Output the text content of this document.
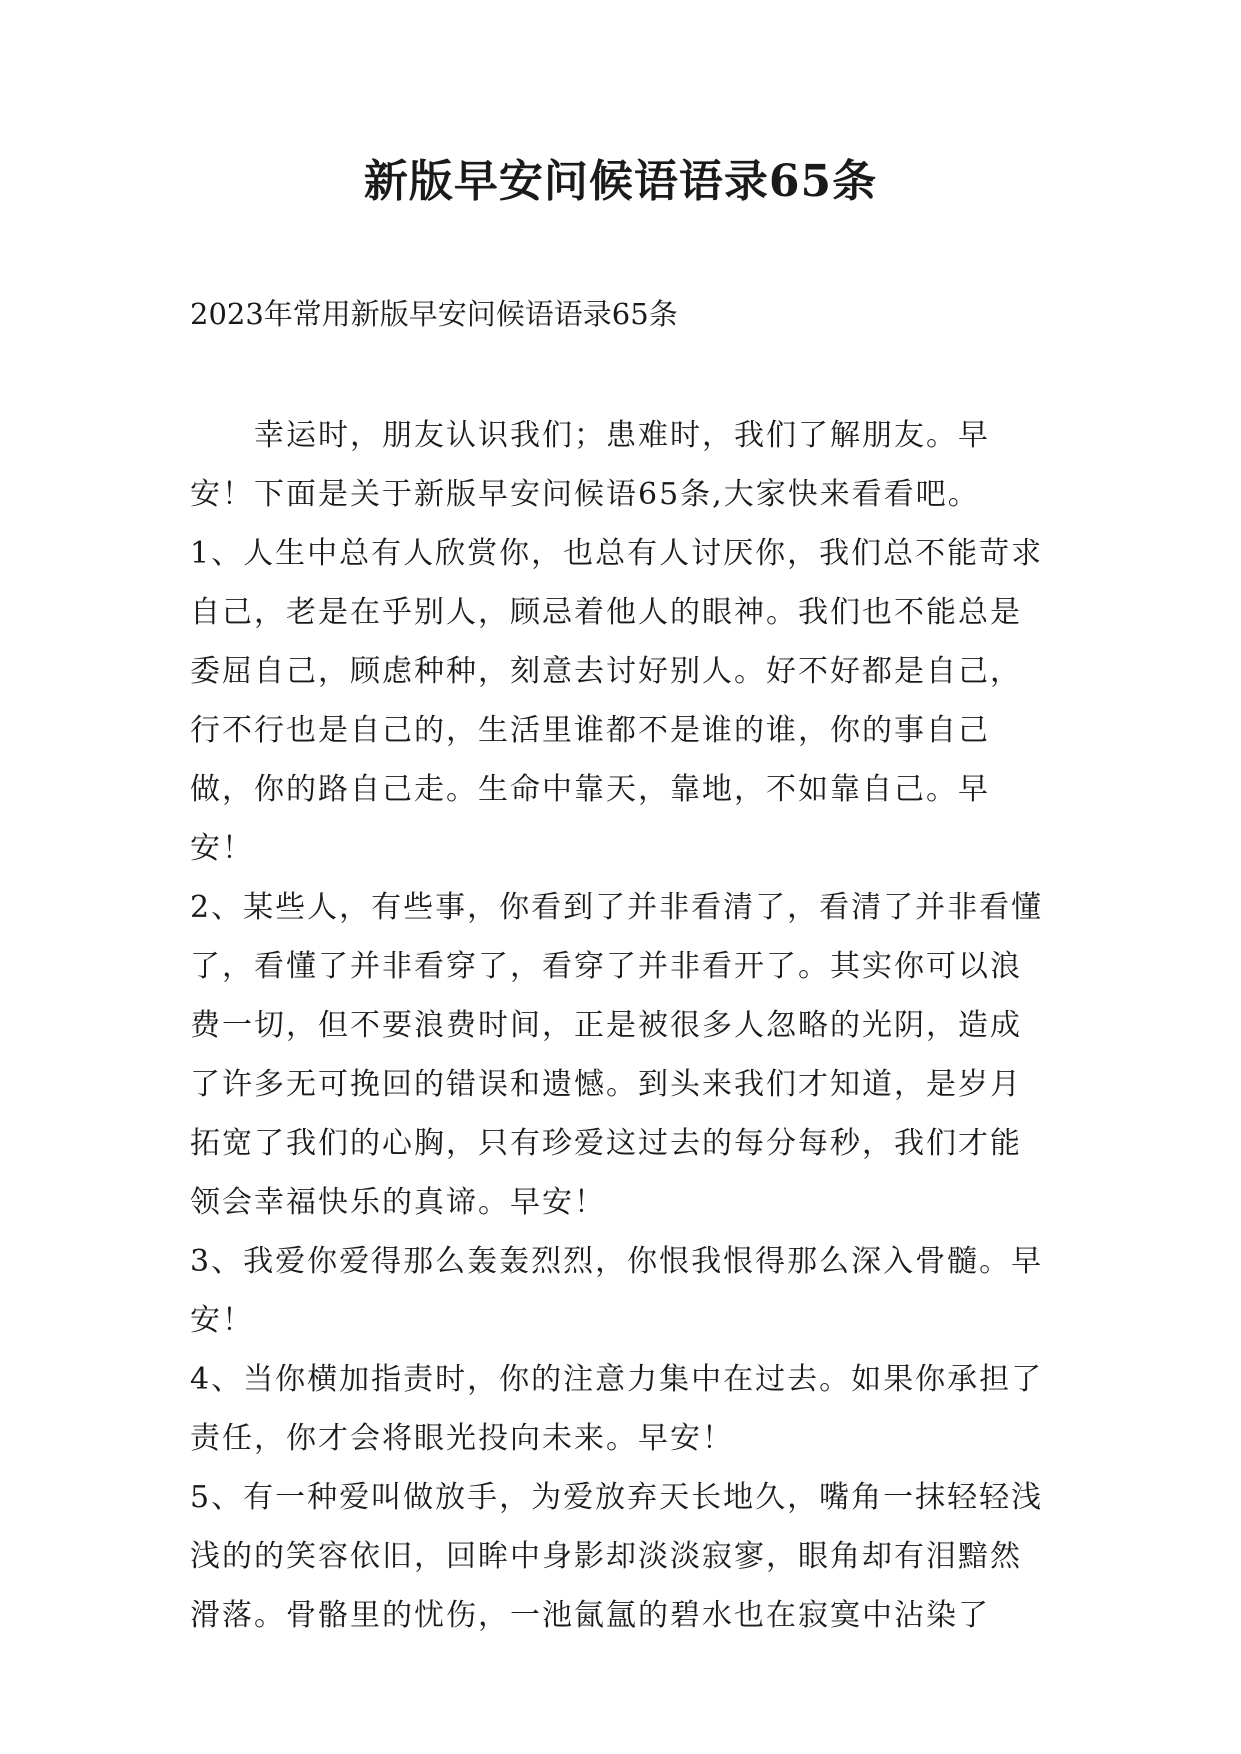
新版早安问候语语录65条
2023年常用新版早安问候语语录65条

幸运时，朋友认识我们；患难时，我们了解朋友。早安！下面是关于新版早安问候语65条,大家快来看看吧。

1、人生中总有人欣赏你，也总有人讨厌你，我们总不能苛求自己，老是在乎别人，顾忌着他人的眼神。我们也不能总是委屈自己，顾虑种种，刻意去讨好别人。好不好都是自己，行不行也是自己的，生活里谁都不是谁的谁，你的事自己做，你的路自己走。生命中靠天，靠地，不如靠自己。早安！

2、某些人，有些事，你看到了并非看清了，看清了并非看懂了，看懂了并非看穿了，看穿了并非看开了。其实你可以浪费一切，但不要浪费时间，正是被很多人忽略的光阴，造成了许多无可挽回的错误和遗憾。到头来我们才知道，是岁月拓宽了我们的心胸，只有珍爱这过去的每分每秒，我们才能领会幸福快乐的真谛。早安！

3、我爱你爱得那么轰轰烈烈，你恨我恨得那么深入骨髓。早安！

4、当你横加指责时，你的注意力集中在过去。如果你承担了责任，你才会将眼光投向未来。早安！

5、有一种爱叫做放手，为爱放弃天长地久，嘴角一抹轻轻浅浅的的笑容依旧，回眸中身影却淡淡寂寥，眼角却有泪黯然滑落。骨骼里的忧伤，一池氤氲的碧水也在寂寞中沾染了
